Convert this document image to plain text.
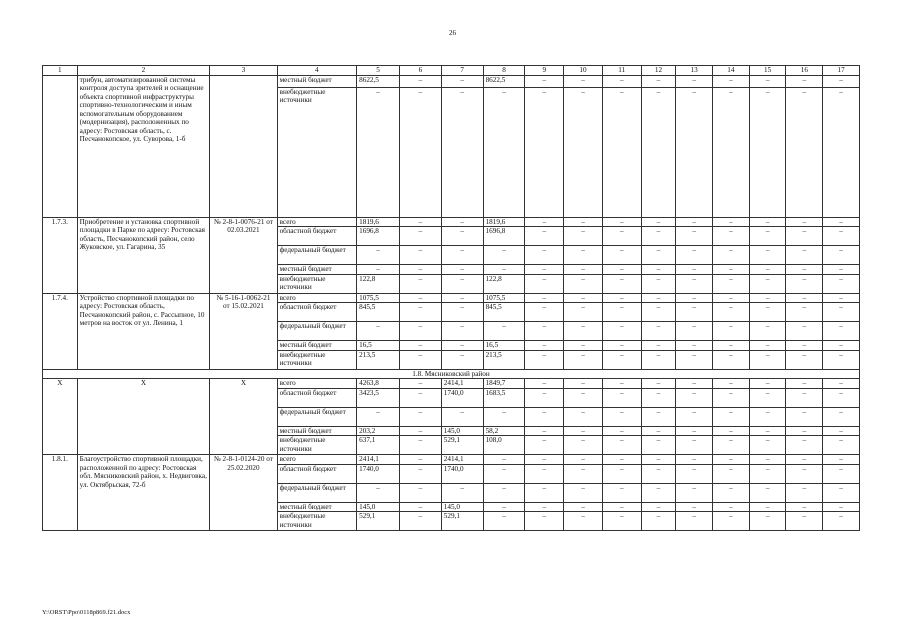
26
1	2	3	4	5	6	7	8	9	10	11	12	13	14	15	16	17
	трибун, автоматизированной системы контроля доступа зрителей и оснащение объекта спортивной инфраструктуры спортивно-технологическим и иным вспомогательным оборудованием (модернизация), расположенных по адресу: Ростовская область, с. Песчанокопское, ул. Суворова, 1-б		местный бюджет	8622,5	–	–	8622,5	–	–	–	–	–	–	–	–	–
			внебюджетные источники	–	–	–	–	–	–	–	–	–	–	–	–	–
1.7.3.	Приобретение и установка спортивной площадки в Парке по адресу: Ростовская область, Песчанокопский район, село Жуковское, ул. Гагарина, 35	№ 2-8-1-0076-21 от 02.03.2021	всего	1819,6	–	–	1819,6	–	–	–	–	–	–	–	–	–
			областной бюджет	1696,8	–	–	1696,8	–	–	–	–	–	–	–	–	–
			федеральный бюджет	–	–	–	–	–	–	–	–	–	–	–	–	–
			местный бюджет	–	–	–	–	–	–	–	–	–	–	–	–	–
			внебюджетные источники	122,8	–	–	122,8	–	–	–	–	–	–	–	–	–
1.7.4.	Устройство спортивной площадки по адресу: Ростовская область, Песчанокопский район, с. Рассыпное, 10 метров на восток от ул. Ленина, 1	№ 5-16-1-0062-21 от 15.02.2021	всего	1075,5	–	–	1075,5	–	–	–	–	–	–	–	–	–
			областной бюджет	845,5	–	–	845,5	–	–	–	–	–	–	–	–	–
			федеральный бюджет	–	–	–	–	–	–	–	–	–	–	–	–	–
			местный бюджет	16,5	–	–	16,5	–	–	–	–	–	–	–	–	–
			внебюджетные источники	213,5	–	–	213,5	–	–	–	–	–	–	–	–	–
1.8. Мясниковский район																
Х	Х	Х	всего	4263,8	–	2414,1	1849,7	–	–	–	–	–	–	–	–	–
			областной бюджет	3423,5	–	1740,0	1683,5	–	–	–	–	–	–	–	–	–
			федеральный бюджет	–	–	–	–	–	–	–	–	–	–	–	–	–
			местный бюджет	203,2	–	145,0	58,2	–	–	–	–	–	–	–	–	–
			внебюджетные источники	637,1	–	529,1	108,0	–	–	–	–	–	–	–	–	–
1.8.1.	Благоустройство спортивной площадки, расположенной по адресу: Ростовская обл. Мясниковский район, х. Недвиговка, ул. Октябрьская, 72-б	№ 2-8-1-0124-20 от 25.02.2020	всего	2414,1	–	2414,1	–	–	–	–	–	–	–	–	–	–
			областной бюджет	1740,0	–	1740,0	–	–	–	–	–	–	–	–	–	–
			федеральный бюджет	–	–	–	–	–	–	–	–	–	–	–	–	–
			местный бюджет	145,0	–	145,0	–	–	–	–	–	–	–	–	–	–
			внебюджетные источники	529,1	–	529,1	–	–	–	–	–	–	–	–	–	–
Y:\ORST\Ppo\0118p869.f21.docx
